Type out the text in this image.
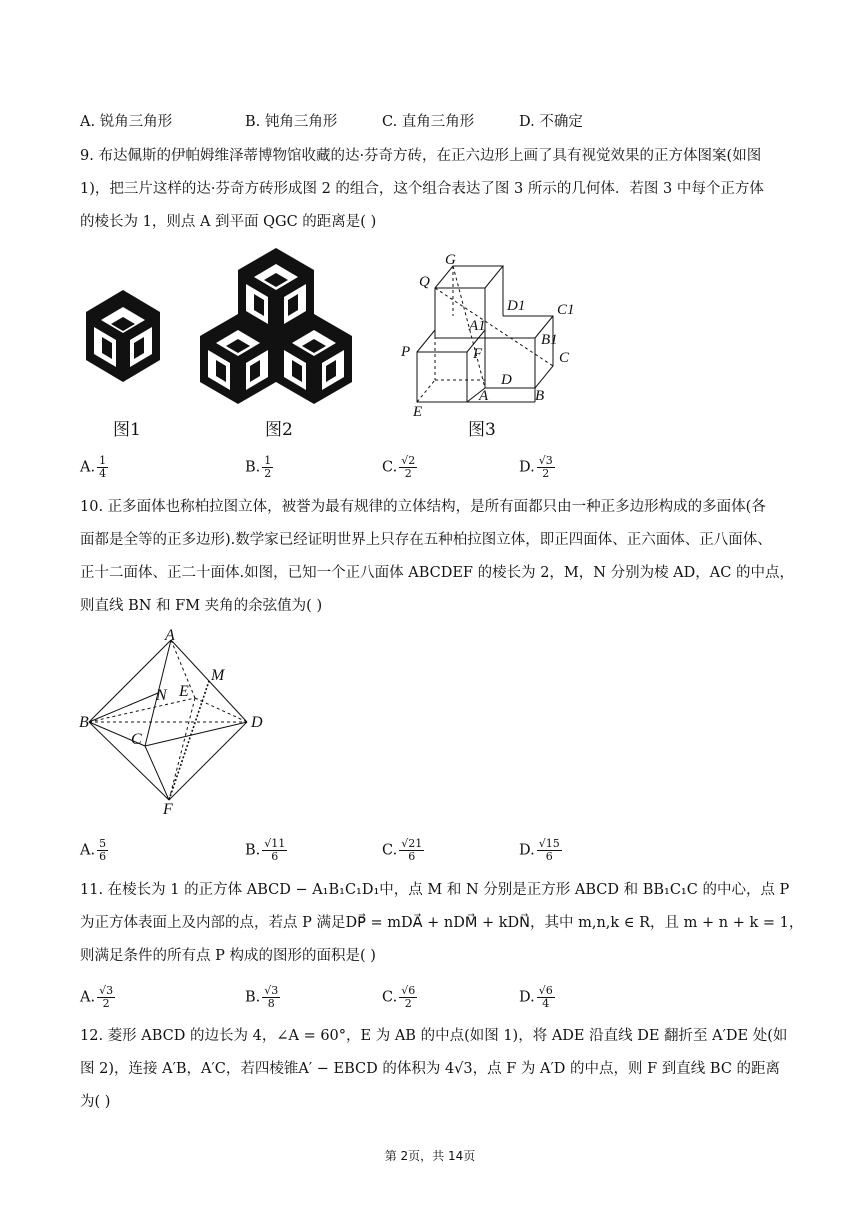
A. 锐角三角形	B. 钝角三角形	C. 直角三角形	D. 不确定
9. 布达佩斯的伊帕姆维泽蒂博物馆收藏的达·芬奇方砖，在正六边形上画了具有视觉效果的正方体图案(如图
1)，把三片这样的达·芬奇方砖形成图 2 的组合，这个组合表达了图 3 所示的几何体．若图 3 中每个正方体
的棱长为 1，则点 A 到平面 QGC 的距离是( )
图1	图2
G
Q
D1 C1
A1
B1
P	F	C
D
A	B
E
图3
A. $\frac{1}{4}$	B. $\frac{1}{2}$	C. $\frac{√2}{2}$	D. $\frac{√3}{2}$
10. 正多面体也称柏拉图立体，被誉为最有规律的立体结构，是所有面都只由一种正多边形构成的多面体(各
面都是全等的正多边形).数学家已经证明世界上只存在五种柏拉图立体，即正四面体、正六面体、正八面体、
正十二面体、正二十面体.如图，已知一个正八面体 ABCDEF 的棱长为 2，M，N 分别为棱 AD，AC 的中点，
则直线 BN 和 FM 夹角的余弦值为( )
A
M
N E
B	D
C
F
A. $\frac{5}{6}$	B. $\frac{√11}{6}$	C. $\frac{√21}{6}$	D. $\frac{√15}{6}$
11. 在棱长为 1 的正方体 ABCD − A₁B₁C₁D₁中，点 M 和 N 分别是正方形 ABCD 和 BB₁C₁C 的中心，点 P
为正方体表面上及内部的点，若点 P 满足DP⃗ = mDA⃗ + nDM⃗ + kDN⃗，其中 m,n,k ∈ R，且 m + n + k = 1，
则满足条件的所有点 P 构成的图形的面积是( )
A. $\frac{√3}{2}$	B. $\frac{√3}{8}$	C. $\frac{√6}{2}$	D. $\frac{√6}{4}$
12. 菱形 ABCD 的边长为 4，∠A = 60°，E 为 AB 的中点(如图 1)，将 ADE 沿直线 DE 翻折至 A′DE 处(如
图 2)，连接 A′B，A′C，若四棱锥A′ − EBCD 的体积为 4√3，点 F 为 A′D 的中点，则 F 到直线 BC 的距离
为( )
第 2页，共 14页
